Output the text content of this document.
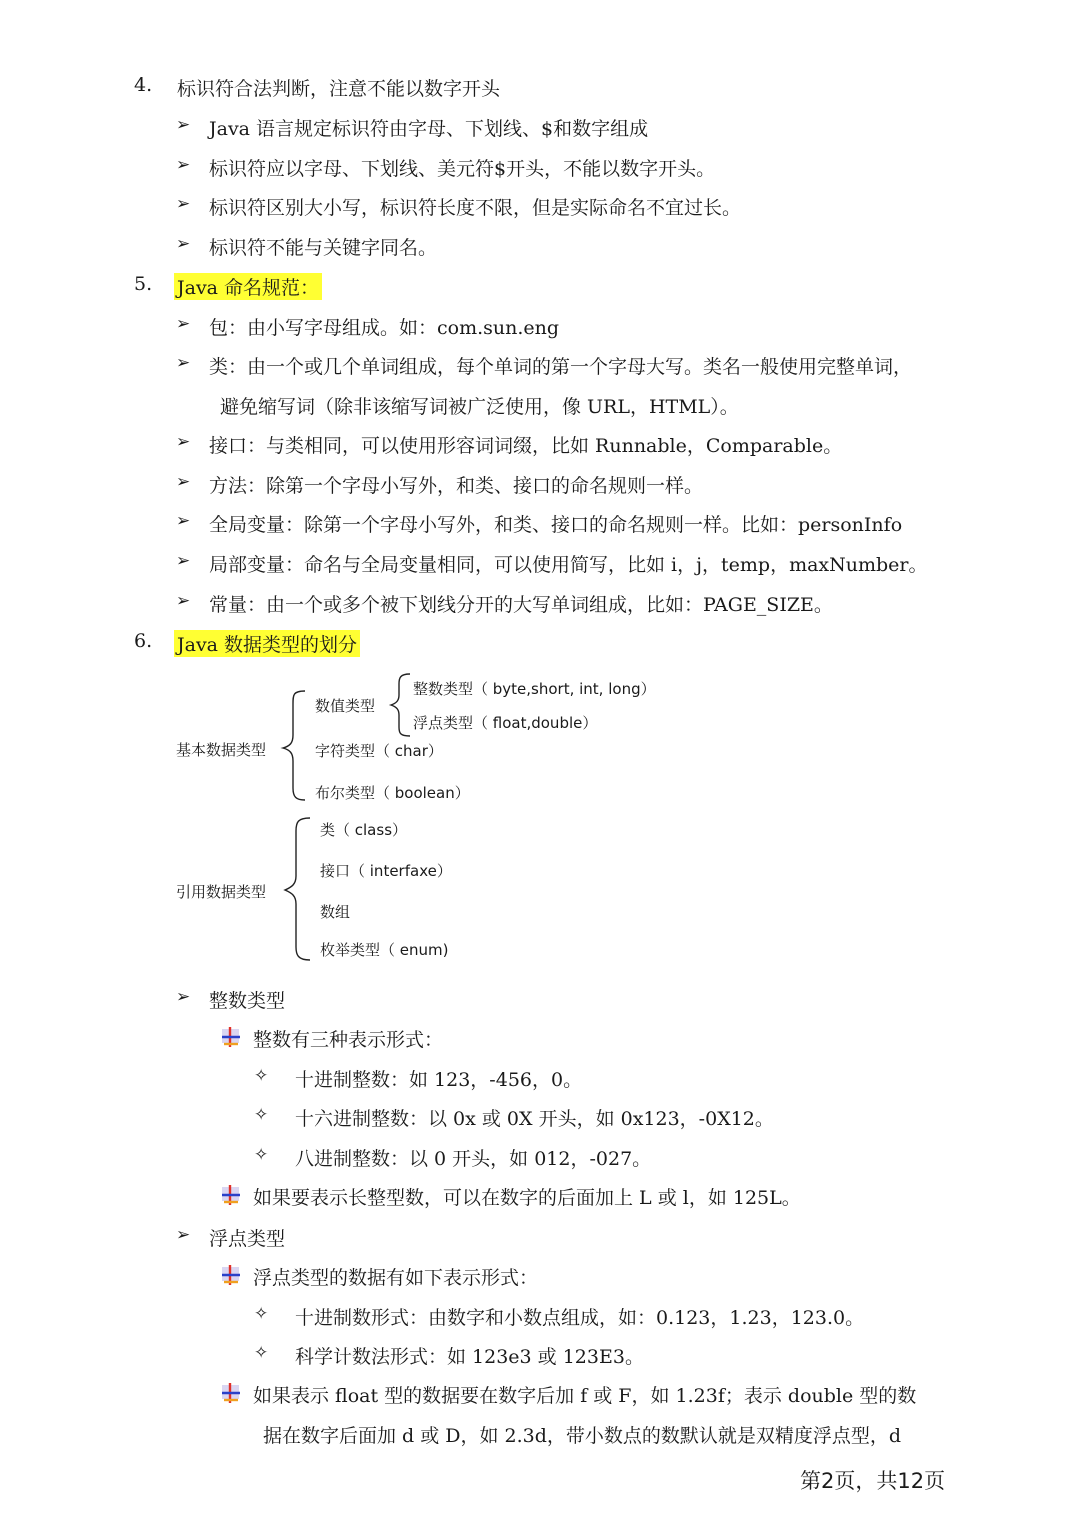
4. 标识符合法判断，注意不能以数字开头
➢ Java 语言规定标识符由字母、下划线、$和数字组成
➢ 标识符应以字母、下划线、美元符$开头，不能以数字开头。
➢ 标识符区别大小写，标识符长度不限，但是实际命名不宜过长。
➢ 标识符不能与关键字同名。
5. Java 命名规范：
➢ 包：由小写字母组成。如：com.sun.eng
➢ 类：由一个或几个单词组成，每个单词的第一个字母大写。类名一般使用完整单词，
避免缩写词（除非该缩写词被广泛使用，像 URL，HTML）。
➢ 接口：与类相同，可以使用形容词词缀，比如 Runnable，Comparable。
➢ 方法：除第一个字母小写外，和类、接口的命名规则一样。
➢ 全局变量：除第一个字母小写外，和类、接口的命名规则一样。比如：personInfo
➢ 局部变量：命名与全局变量相同，可以使用简写，比如 i，j，temp，maxNumber。
➢ 常量：由一个或多个被下划线分开的大写单词组成，比如：PAGE_SIZE。
6. Java 数据类型的划分
基本数据类型
数值类型
整数类型（ byte,short, int, long）
浮点类型（ float,double）
字符类型（ char）
布尔类型（ boolean）
引用数据类型
类（ class）
接口（ interfaxe）
数组
枚举类型（ enum)
➢ 整数类型
整数有三种表示形式：
✧ 十进制整数：如 123，-456，0。
✧ 十六进制整数：以 0x 或 0X 开头，如 0x123，-0X12。
✧ 八进制整数：以 0 开头，如 012，-027。
如果要表示长整型数，可以在数字的后面加上 L 或 l，如 125L。
➢ 浮点类型
浮点类型的数据有如下表示形式：
✧ 十进制数形式：由数字和小数点组成，如：0.123，1.23，123.0。
✧ 科学计数法形式：如 123e3 或 123E3。
如果表示 float 型的数据要在数字后加 f 或 F，如 1.23f；表示 double 型的数
据在数字后面加 d 或 D，如 2.3d，带小数点的数默认就是双精度浮点型，d
第2页，共12页
